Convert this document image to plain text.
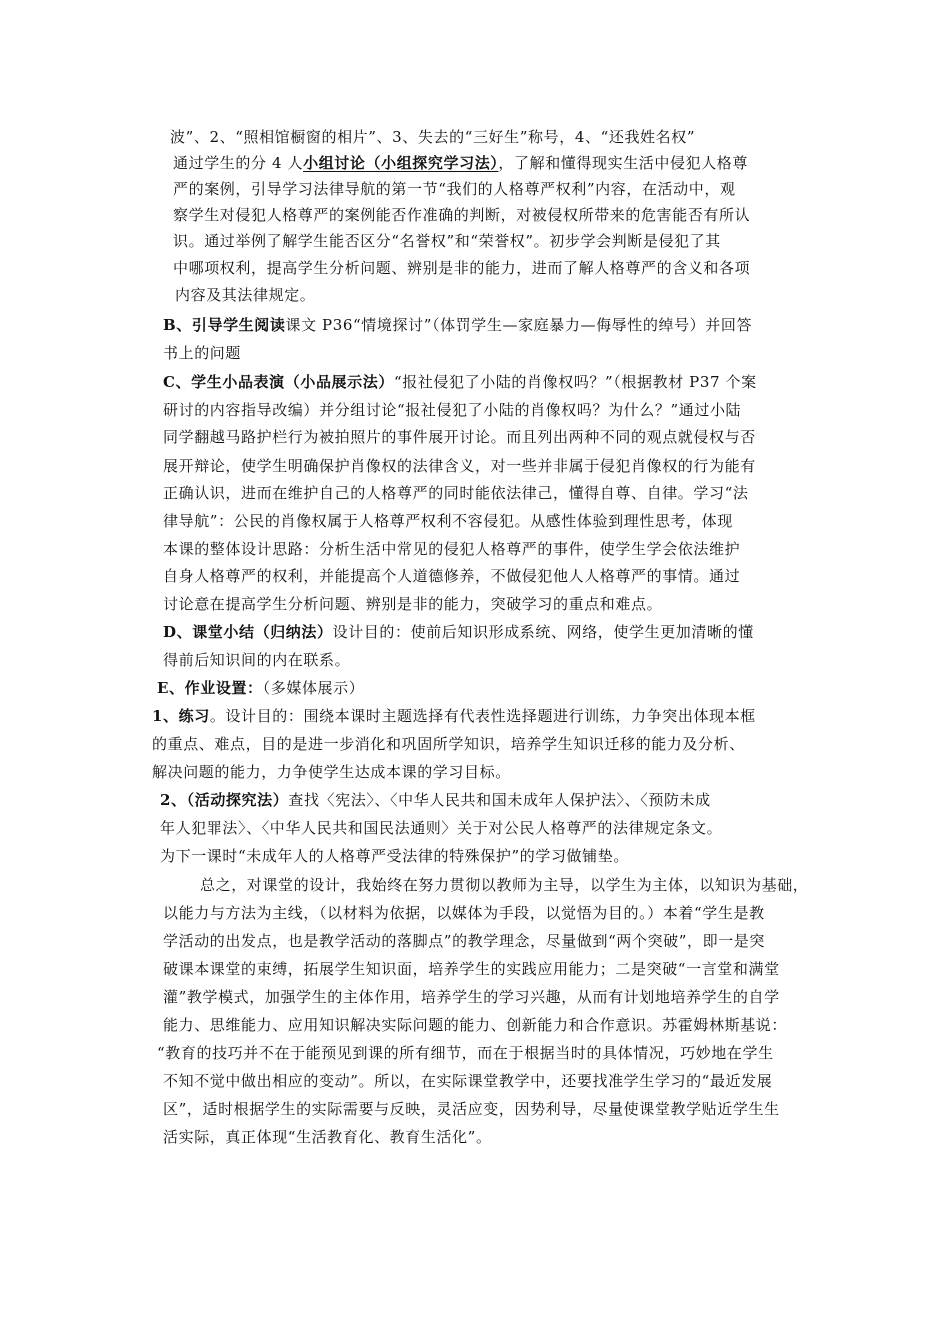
波”、2、“照相馆橱窗的相片”、3、失去的“三好生”称号，4、“还我姓名权”
通过学生的分 4 人小组讨论（小组探究学习法），了解和懂得现实生活中侵犯人格尊
严的案例，引导学习法律导航的第一节“我们的人格尊严权利”内容，在活动中，观
察学生对侵犯人格尊严的案例能否作准确的判断，对被侵权所带来的危害能否有所认
识。通过举例了解学生能否区分“名誉权”和“荣誉权”。初步学会判断是侵犯了其
中哪项权利，提高学生分析问题、辨别是非的能力，进而了解人格尊严的含义和各项
内容及其法律规定。
B、引导学生阅读课文 P36“情境探讨”（体罚学生—家庭暴力—侮辱性的绰号）并回答
书上的问题
C、学生小品表演（小品展示法）“报社侵犯了小陆的肖像权吗？”（根据教材 P37 个案
研讨的内容指导改编）并分组讨论“报社侵犯了小陆的肖像权吗？为什么？”通过小陆
同学翻越马路护栏行为被拍照片的事件展开讨论。而且列出两种不同的观点就侵权与否
展开辩论，使学生明确保护肖像权的法律含义，对一些并非属于侵犯肖像权的行为能有
正确认识，进而在维护自己的人格尊严的同时能依法律己，懂得自尊、自律。学习“法
律导航”：公民的肖像权属于人格尊严权利不容侵犯。从感性体验到理性思考，体现
本课的整体设计思路：分析生活中常见的侵犯人格尊严的事件，使学生学会依法维护
自身人格尊严的权利，并能提高个人道德修养，不做侵犯他人人格尊严的事情。通过
讨论意在提高学生分析问题、辨别是非的能力，突破学习的重点和难点。
D、课堂小结（归纳法）设计目的：使前后知识形成系统、网络，使学生更加清晰的懂
得前后知识间的内在联系。
E、作业设置：（多媒体展示）
1、练习。设计目的：围绕本课时主题选择有代表性选择题进行训练，力争突出体现本框
的重点、难点，目的是进一步消化和巩固所学知识，培养学生知识迁移的能力及分析、
解决问题的能力，力争使学生达成本课的学习目标。
2、（活动探究法）查找〈宪法〉、〈中华人民共和国未成年人保护法〉、〈预防未成
年人犯罪法〉、〈中华人民共和国民法通则〉关于对公民人格尊严的法律规定条文。
为下一课时“未成年人的人格尊严受法律的特殊保护”的学习做铺垫。
总之，对课堂的设计，我始终在努力贯彻以教师为主导，以学生为主体，以知识为基础，
以能力与方法为主线，（以材料为依据，以媒体为手段，以觉悟为目的。）本着“学生是教
学活动的出发点，也是教学活动的落脚点”的教学理念，尽量做到“两个突破”，即一是突
破课本课堂的束缚，拓展学生知识面，培养学生的实践应用能力；二是突破“一言堂和满堂
灌”教学模式，加强学生的主体作用，培养学生的学习兴趣，从而有计划地培养学生的自学
能力、思维能力、应用知识解决实际问题的能力、创新能力和合作意识。苏霍姆林斯基说：
“教育的技巧并不在于能预见到课的所有细节，而在于根据当时的具体情况，巧妙地在学生
不知不觉中做出相应的变动”。所以，在实际课堂教学中，还要找准学生学习的“最近发展
区”，适时根据学生的实际需要与反映，灵活应变，因势利导，尽量使课堂教学贴近学生生
活实际，真正体现“生活教育化、教育生活化”。
